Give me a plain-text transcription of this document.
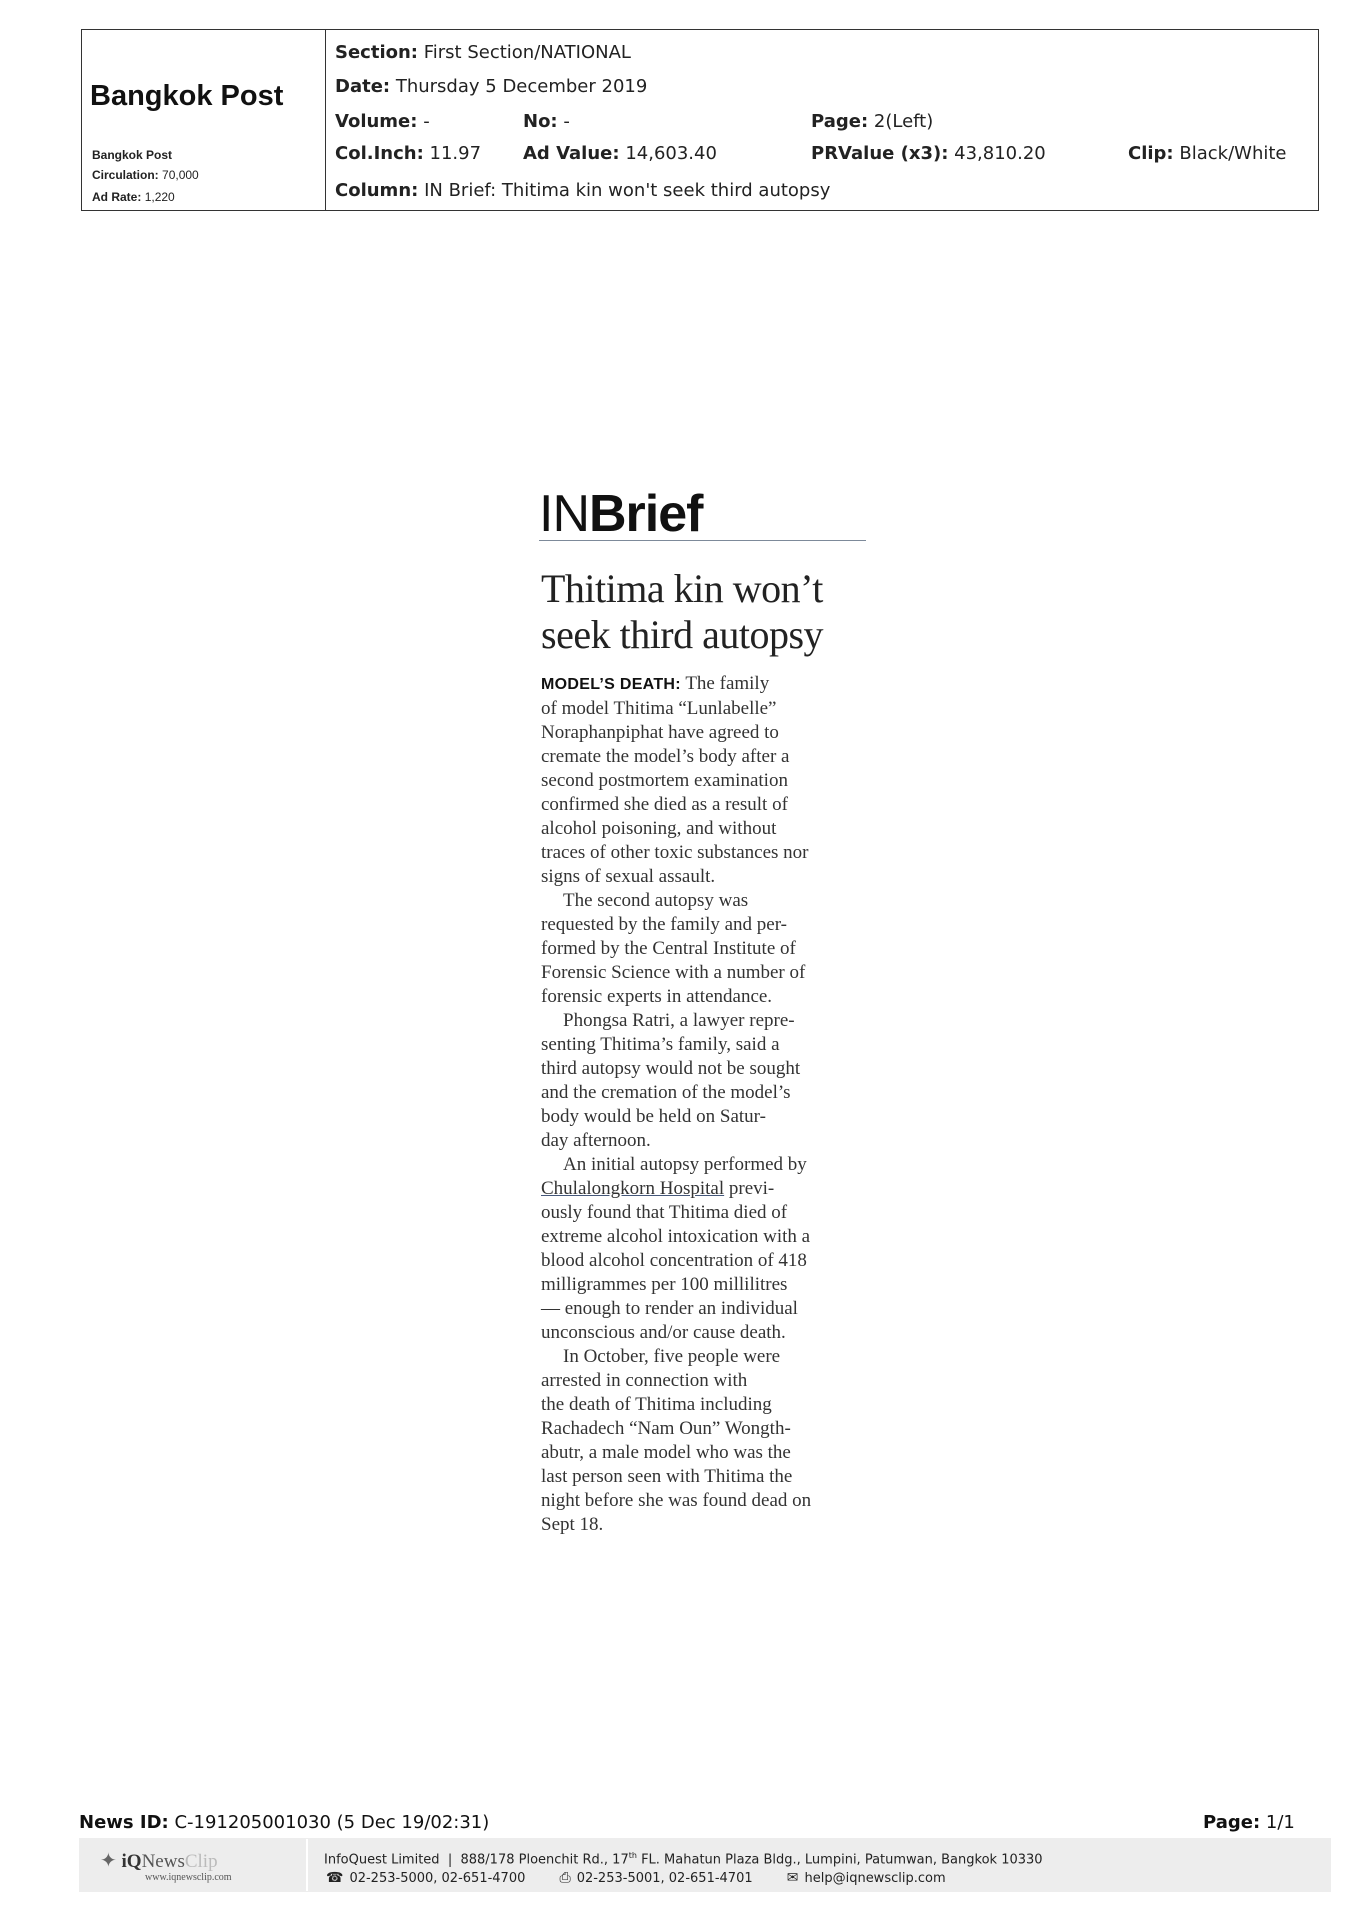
Bangkok Post
Bangkok Post
Circulation: 70,000
Ad Rate: 1,220
Section: First Section/NATIONAL
Date: Thursday 5 December 2019
Volume: -	No: -	Page: 2(Left)
Col.Inch: 11.97 Ad Value: 14,603.40	PRValue (x3): 43,810.20	Clip: Black/White
Column: IN Brief: Thitima kin won't seek third autopsy
INBrief
Thitima kin won’t
seek third autopsy
MODEL’S DEATH: The family
of model Thitima “Lunlabelle”
Noraphanpiphat have agreed to
cremate the model’s body after a
second postmortem examination
confirmed she died as a result of
alcohol poisoning, and without
traces of other toxic substances nor
signs of sexual assault.
The second autopsy was
requested by the family and per-
formed by the Central Institute of
Forensic Science with a number of
forensic experts in attendance.
Phongsa Ratri, a lawyer repre-
senting Thitima’s family, said a
third autopsy would not be sought
and the cremation of the model’s
body would be held on Satur-
day afternoon.
An initial autopsy performed by
Chulalongkorn Hospital previ-
ously found that Thitima died of
extreme alcohol intoxication with a
blood alcohol concentration of 418
milligrammes per 100 millilitres
— enough to render an individual
unconscious and/or cause death.
In October, five people were
arrested in connection with
the death of Thitima including
Rachadech “Nam Oun” Wongth-
abutr, a male model who was the
last person seen with Thitima the
night before she was found dead on
Sept 18.
News ID: C-191205001030 (5 Dec 19/02:31)	Page: 1/1
✦ iQNewsClip
www.iqnewsclip.com
InfoQuest Limited  |  888/178 Ploenchit Rd., 17th FL. Mahatun Plaza Bldg., Lumpini, Patumwan, Bangkok 10330
☎ 02-253-5000, 02-651-4700 ⎙ 02-253-5001, 02-651-4701 ✉ help@iqnewsclip.com
